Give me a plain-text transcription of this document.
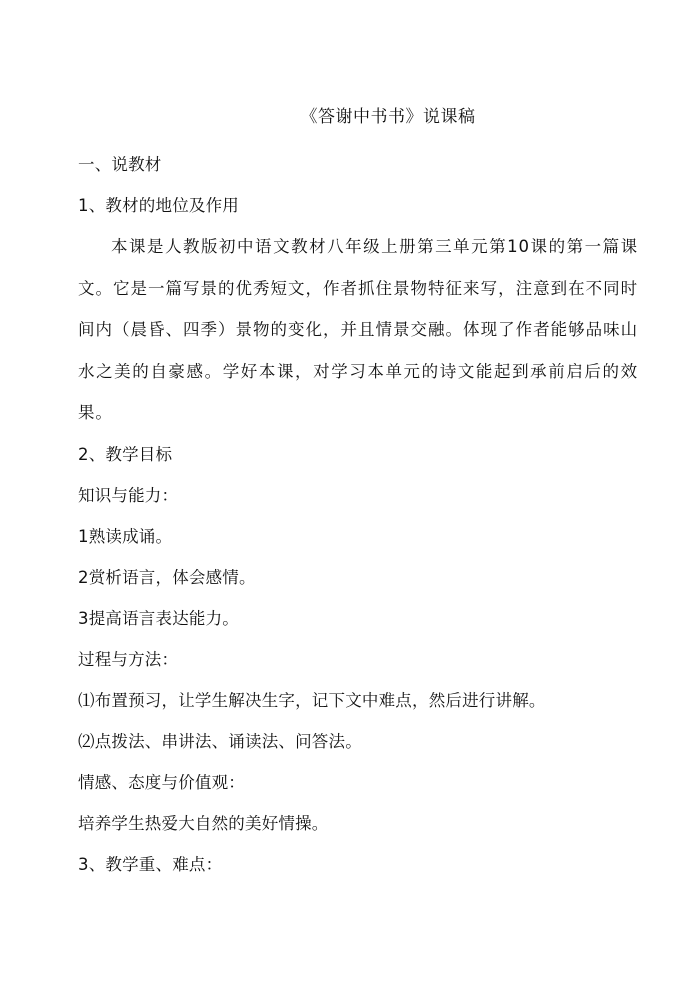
《答谢中书书》说课稿
一、说教材
1、教材的地位及作用

本课是人教版初中语文教材八年级上册第三单元第10课的第一篇课文。它是一篇写景的优秀短文，作者抓住景物特征来写，注意到在不同时间内（晨昏、四季）景物的变化，并且情景交融。体现了作者能够品味山水之美的自豪感。学好本课，对学习本单元的诗文能起到承前启后的效果。

2、教学目标
知识与能力：
1熟读成诵。
2赏析语言，体会感情。
3提高语言表达能力。
过程与方法：
⑴布置预习，让学生解决生字，记下文中难点，然后进行讲解。
⑵点拨法、串讲法、诵读法、问答法。
情感、态度与价值观：
培养学生热爱大自然的美好情操。
3、教学重、难点：
